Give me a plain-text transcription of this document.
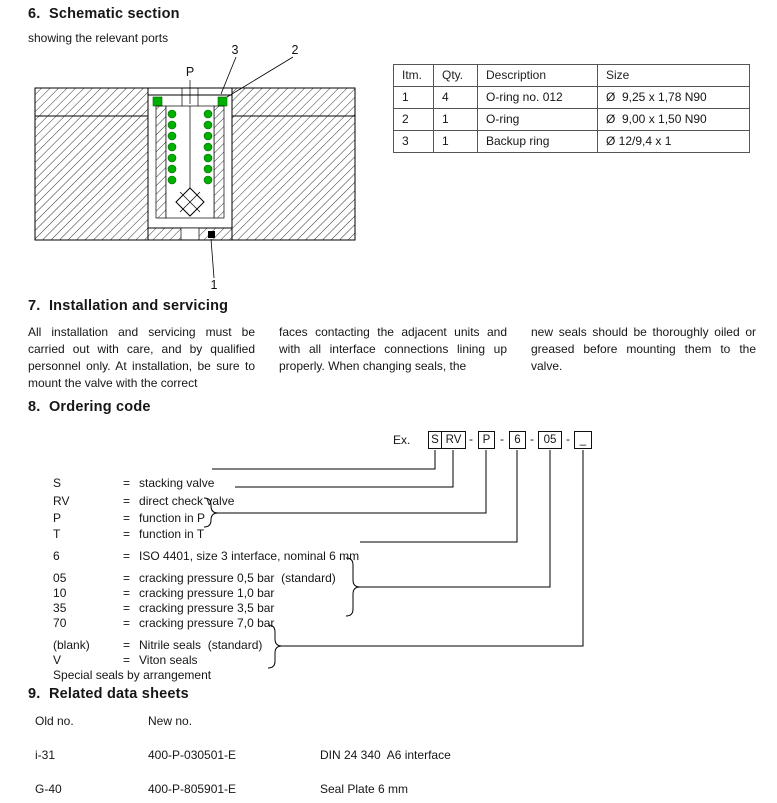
6.  Schematic section
showing the relevant ports
3	2
P
1
Itm.	Qty.	Description	Size
1	4	O-ring no. 012	Ø  9,25 x 1,78 N90
2	1	O-ring	Ø  9,00 x 1,50 N90
3	1	Backup ring	Ø 12/9,4 x 1
7.  Installation and servicing
All installation and servicing must be carried out with care, and by qualified personnel only. At installation, be sure to mount the valve with the correct
faces contacting the adjacent units and with all interface connections lining up properly. When changing seals, the
new seals should be thoroughly oiled or greased before mounting them to the valve.
8.  Ordering code
Ex. S RV - P - 6 - 05 - _

S	= stacking valve

RV	= direct check valve

P	= function in P

T	= function in T

6	= ISO 4401, size 3 interface, nominal 6 mm

05	= cracking pressure 0,5 bar  (standard)

10	= cracking pressure 1,0 bar

35	= cracking pressure 3,5 bar

70	= cracking pressure 7,0 bar

(blank)	= Nitrile seals  (standard)

V	= Viton seals

Special seals by arrangement

9.  Related data sheets
Old no.	New no.
i-31	400-P-030501-E	DIN 24 340  A6 interface
G-40	400-P-805901-E	Seal Plate 6 mm
